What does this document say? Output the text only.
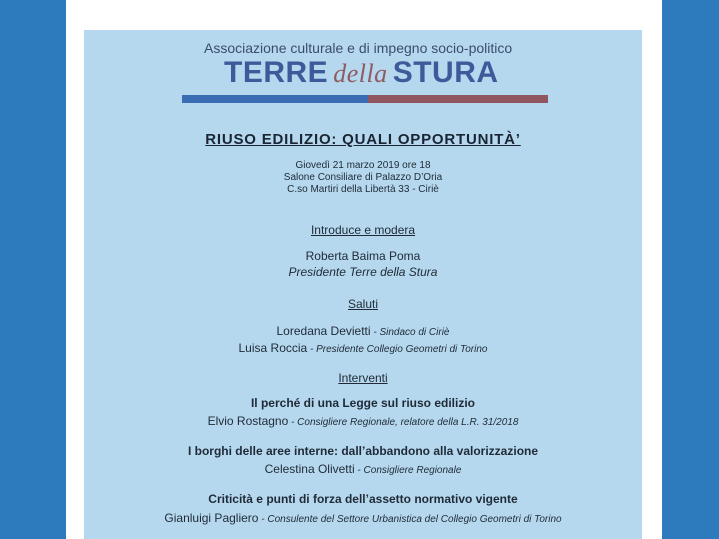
Associazione culturale e di impegno socio-politico
TERRE della STURA
RIUSO EDILIZIO: QUALI OPPORTUNITÀ’
Giovedì 21 marzo 2019 ore 18
Salone Consiliare di Palazzo D’Oria
C.so Martiri della Libertà 33 - Ciriè
Introduce e modera
Roberta Baima Poma
Presidente Terre della Stura
Saluti
Loredana Devietti - Sindaco di Ciriè
Luisa Roccia - Presidente Collegio Geometri di Torino
Interventi
Il perché di una Legge sul riuso edilizio
Elvio Rostagno - Consigliere Regionale, relatore della L.R. 31/2018
I borghi delle aree interne: dall’abbandono alla valorizzazione
Celestina Olivetti - Consigliere Regionale
Criticità e punti di forza dell’assetto normativo vigente
Gianluigi Pagliero - Consulente del Settore Urbanistica del Collegio Geometri di Torino
